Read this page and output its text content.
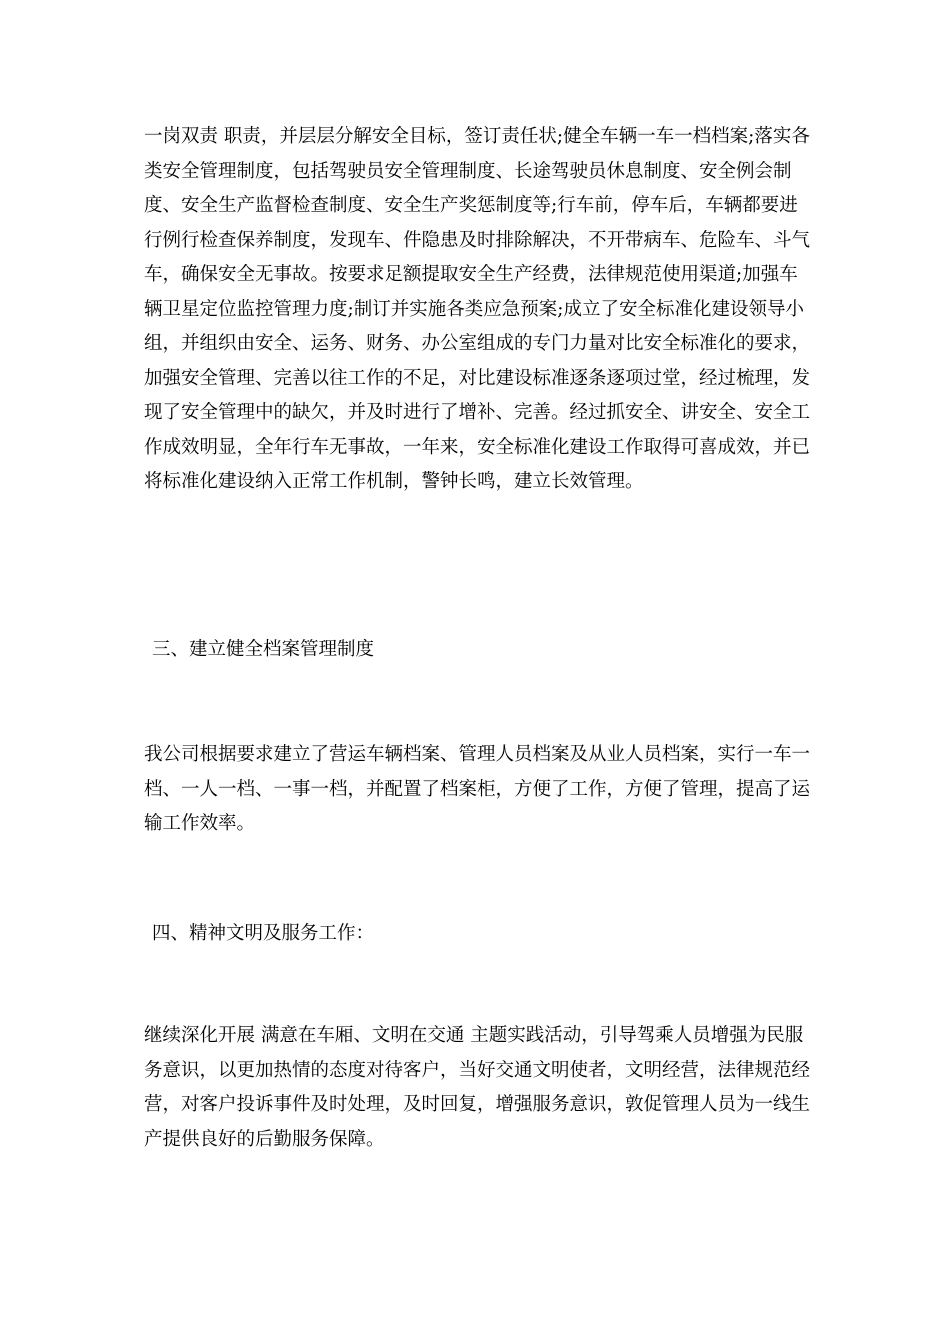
一岗双责 职责，并层层分解安全目标，签订责任状;健全车辆一车一档档案;落实各类安全管理制度，包括驾驶员安全管理制度、长途驾驶员休息制度、安全例会制度、安全生产监督检查制度、安全生产奖惩制度等;行车前，停车后，车辆都要进行例行检查保养制度，发现车、件隐患及时排除解决，不开带病车、危险车、斗气车，确保安全无事故。按要求足额提取安全生产经费，法律规范使用渠道;加强车辆卫星定位监控管理力度;制订并实施各类应急预案;成立了安全标准化建设领导小组，并组织由安全、运务、财务、办公室组成的专门力量对比安全标准化的要求，加强安全管理、完善以往工作的不足，对比建设标准逐条逐项过堂，经过梳理，发现了安全管理中的缺欠，并及时进行了增补、完善。经过抓安全、讲安全、安全工作成效明显，全年行车无事故，一年来，安全标准化建设工作取得可喜成效，并已将标准化建设纳入正常工作机制，警钟长鸣，建立长效管理。
三、建立健全档案管理制度
我公司根据要求建立了营运车辆档案、管理人员档案及从业人员档案，实行一车一档、一人一档、一事一档，并配置了档案柜，方便了工作，方便了管理，提高了运输工作效率。
四、精神文明及服务工作：
继续深化开展 满意在车厢、文明在交通 主题实践活动，引导驾乘人员增强为民服务意识，以更加热情的态度对待客户，当好交通文明使者，文明经营，法律规范经营，对客户投诉事件及时处理，及时回复，增强服务意识，敦促管理人员为一线生产提供良好的后勤服务保障。
